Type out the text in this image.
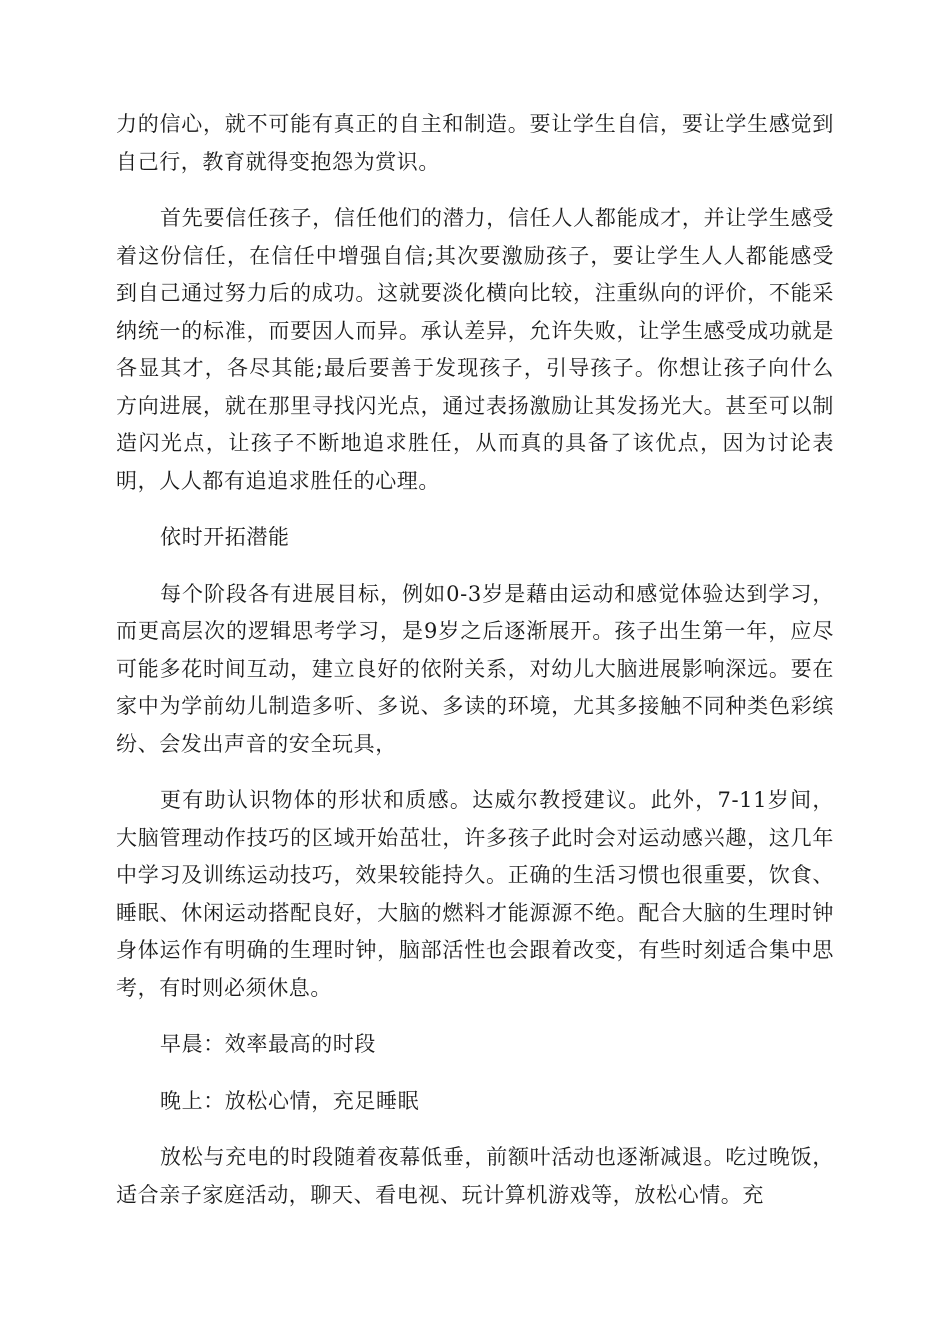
力的信心，就不可能有真正的自主和制造。要让学生自信，要让学生感觉到自己行，教育就得变抱怨为赏识。

首先要信任孩子，信任他们的潜力，信任人人都能成才，并让学生感受着这份信任，在信任中增强自信;其次要激励孩子，要让学生人人都能感受到自己通过努力后的成功。这就要淡化横向比较，注重纵向的评价，不能采纳统一的标准，而要因人而异。承认差异，允许失败，让学生感受成功就是各显其才，各尽其能;最后要善于发现孩子，引导孩子。你想让孩子向什么方向进展，就在那里寻找闪光点，通过表扬激励让其发扬光大。甚至可以制造闪光点，让孩子不断地追求胜任，从而真的具备了该优点，因为讨论表明，人人都有追追求胜任的心理。

依时开拓潜能

每个阶段各有进展目标，例如0-3岁是藉由运动和感觉体验达到学习，而更高层次的逻辑思考学习，是9岁之后逐渐展开。孩子出生第一年，应尽可能多花时间互动，建立良好的依附关系，对幼儿大脑进展影响深远。要在家中为学前幼儿制造多听、多说、多读的环境，尤其多接触不同种类色彩缤纷、会发出声音的安全玩具，

更有助认识物体的形状和质感。达威尔教授建议。此外，7-11岁间，大脑管理动作技巧的区域开始茁壮，许多孩子此时会对运动感兴趣，这几年中学习及训练运动技巧，效果较能持久。正确的生活习惯也很重要，饮食、睡眠、休闲运动搭配良好，大脑的燃料才能源源不绝。配合大脑的生理时钟身体运作有明确的生理时钟，脑部活性也会跟着改变，有些时刻适合集中思考，有时则必须休息。

早晨：效率最高的时段

晚上：放松心情，充足睡眠

放松与充电的时段随着夜幕低垂，前额叶活动也逐渐减退。吃过晚饭，适合亲子家庭活动，聊天、看电视、玩计算机游戏等，放松心情。充
